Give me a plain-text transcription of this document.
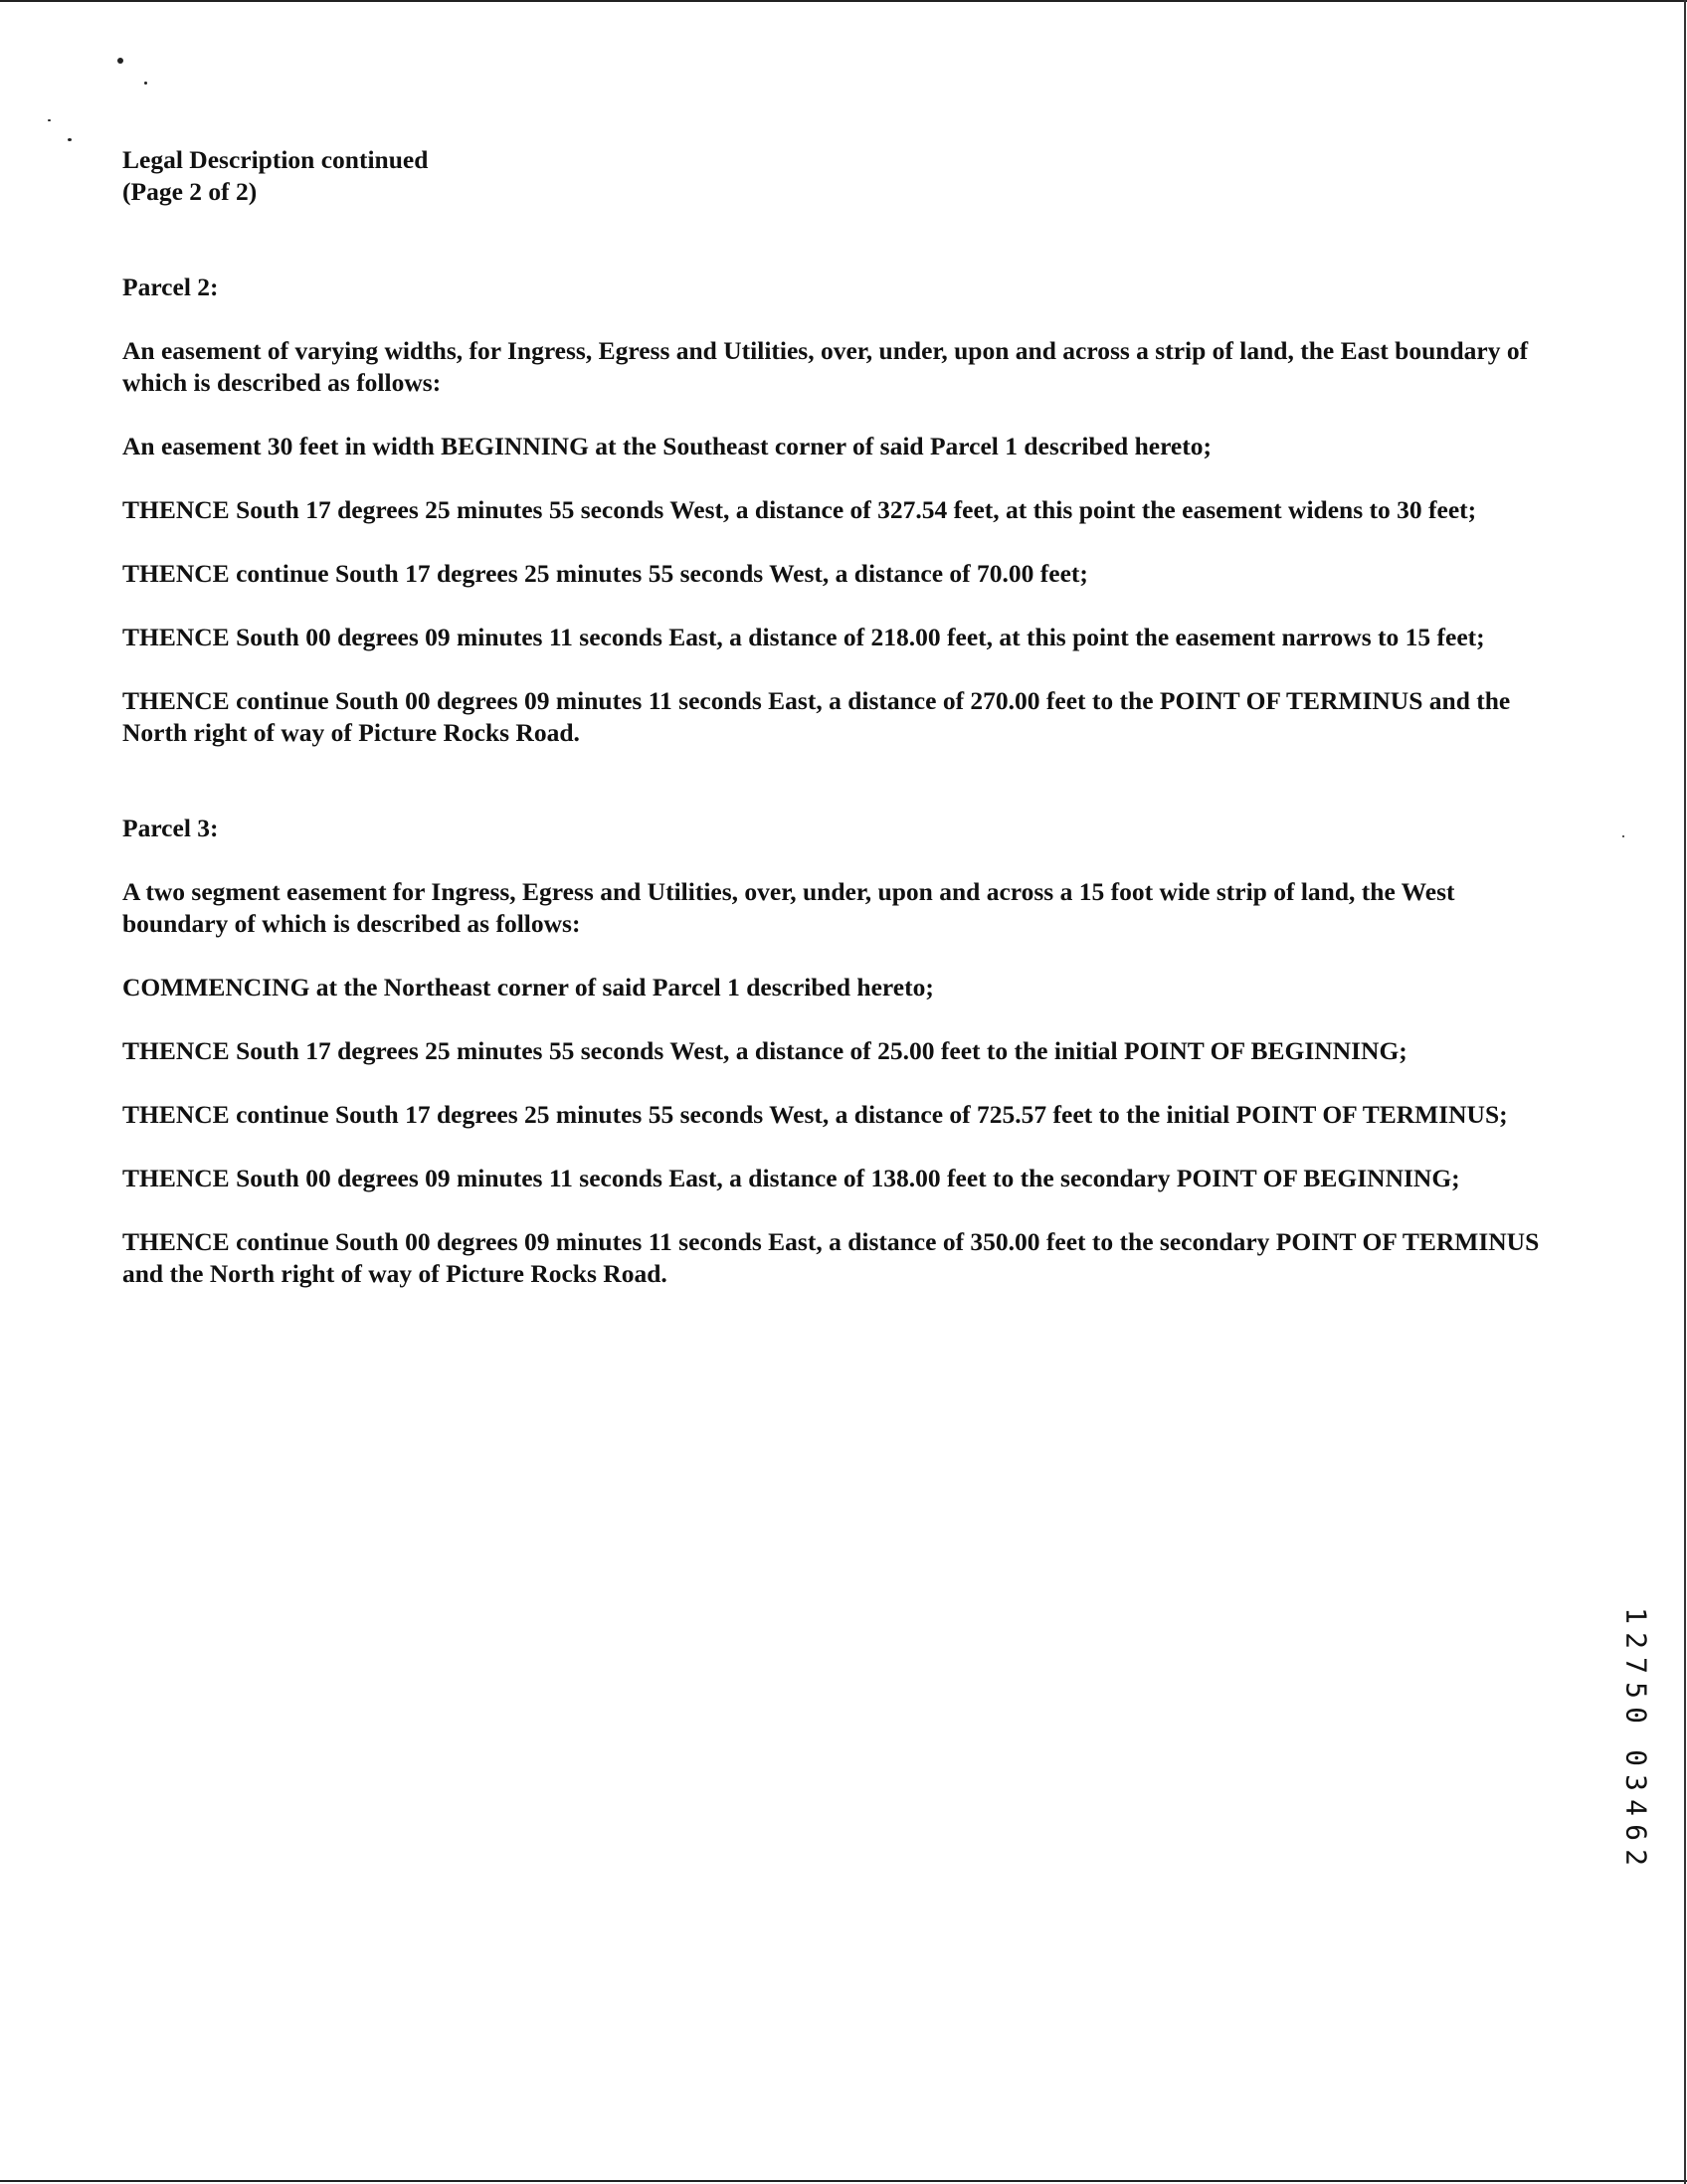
Legal Description continued
(Page 2 of 2)
Parcel 2:

An easement of varying widths, for Ingress, Egress and Utilities, over, under, upon and across a strip of land, the East boundary of which is described as follows:

An easement 30 feet in width BEGINNING at the Southeast corner of said Parcel 1 described hereto;

THENCE South 17 degrees 25 minutes 55 seconds West, a distance of 327.54 feet, at this point the easement widens to 30 feet;

THENCE continue South 17 degrees 25 minutes 55 seconds West, a distance of 70.00 feet;

THENCE South 00 degrees 09 minutes 11 seconds East, a distance of 218.00 feet, at this point the easement narrows to 15 feet;

THENCE continue South 00 degrees 09 minutes 11 seconds East, a distance of 270.00 feet to the POINT OF TERMINUS and the North right of way of Picture Rocks Road.

Parcel 3:

A two segment easement for Ingress, Egress and Utilities, over, under, upon and across a 15 foot wide strip of land, the West boundary of which is described as follows:

COMMENCING at the Northeast corner of said Parcel 1 described hereto;

THENCE South 17 degrees 25 minutes 55 seconds West, a distance of 25.00 feet to the initial POINT OF BEGINNING;

THENCE continue South 17 degrees 25 minutes 55 seconds West, a distance of 725.57 feet to the initial POINT OF TERMINUS;

THENCE South 00 degrees 09 minutes 11 seconds East, a distance of 138.00 feet to the secondary POINT OF BEGINNING;

THENCE continue South 00 degrees 09 minutes 11 seconds East, a distance of 350.00 feet to the secondary POINT OF TERMINUS and the North right of way of Picture Rocks Road.

1
2
7
5
0
0
3
4
6
2
